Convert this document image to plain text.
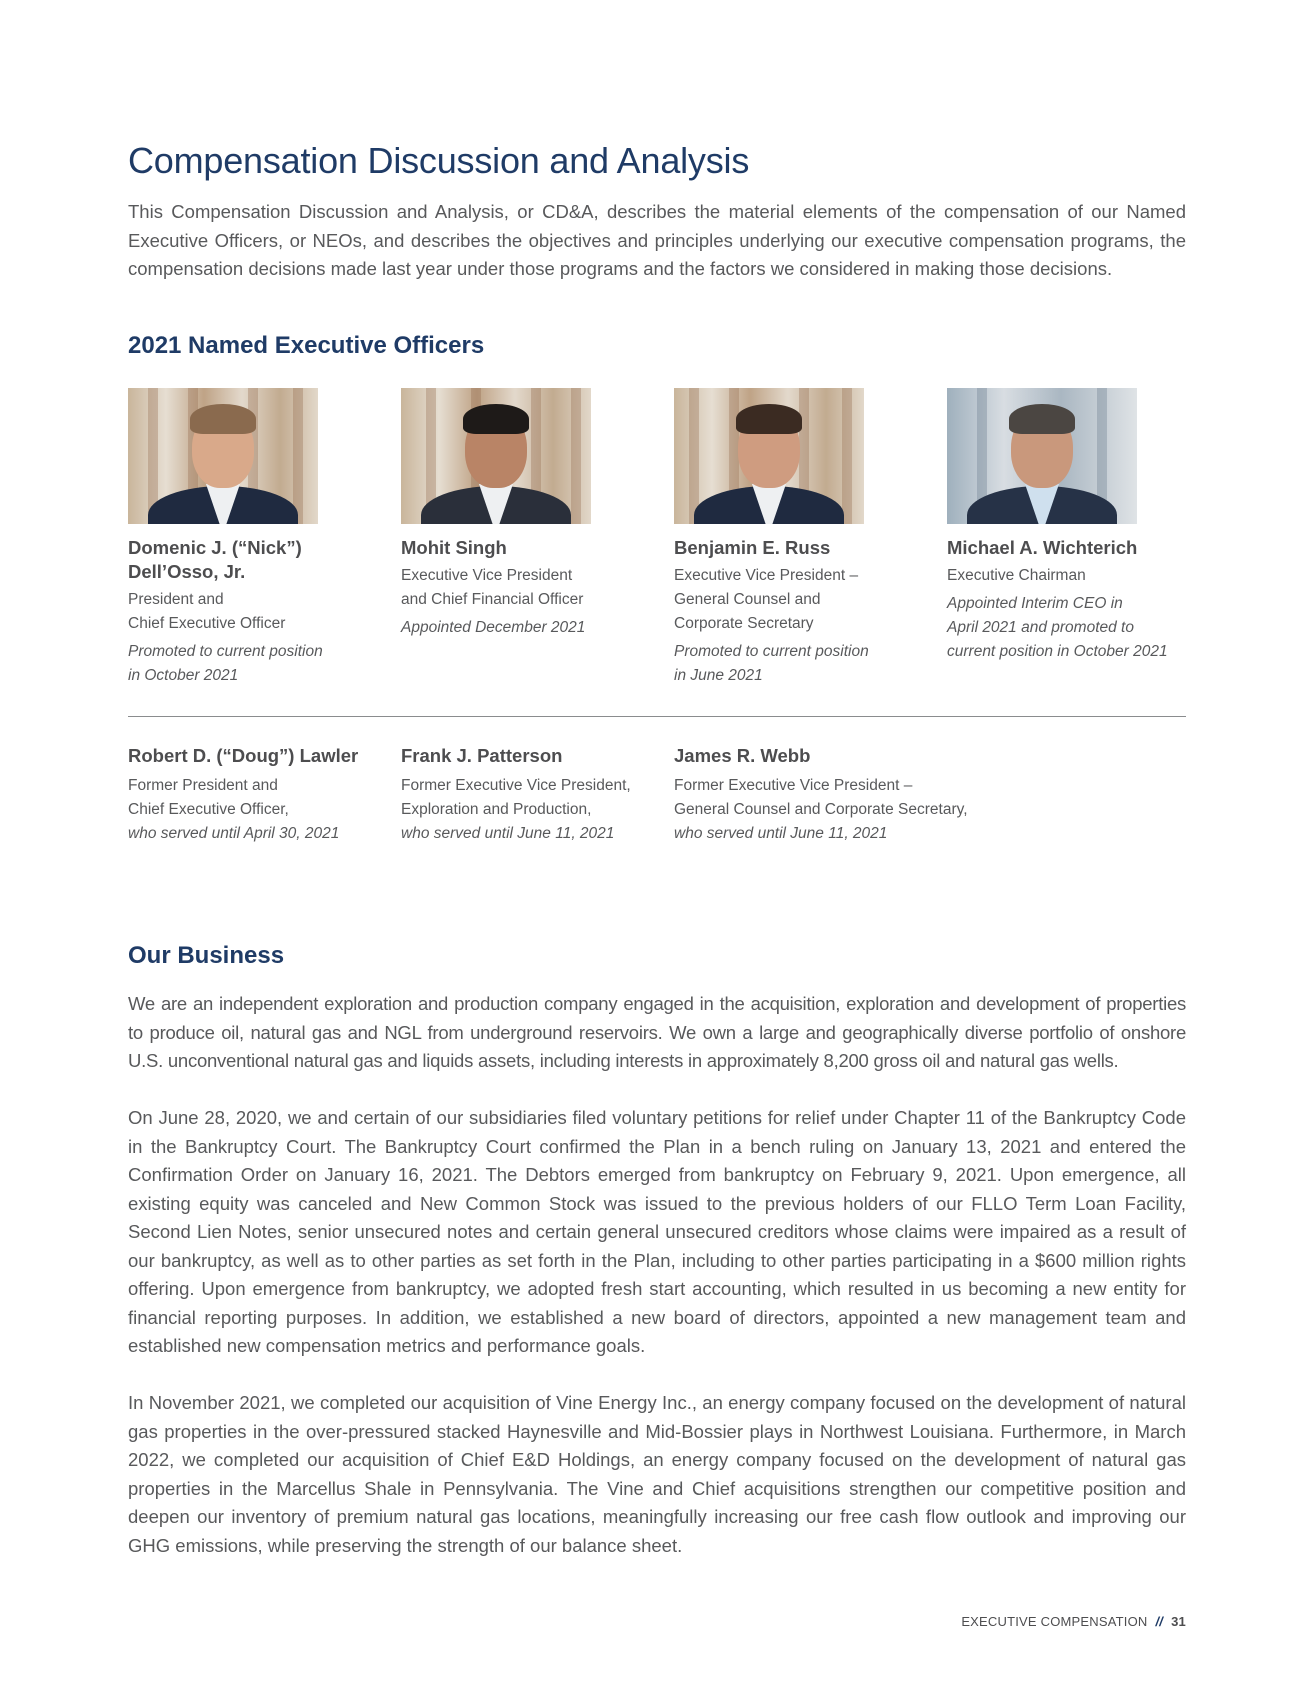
Compensation Discussion and Analysis

This Compensation Discussion and Analysis, or CD&A, describes the material elements of the compensation of our Named Executive Officers, or NEOs, and describes the objectives and principles underlying our executive compensation programs, the compensation decisions made last year under those programs and the factors we considered in making those decisions.

2021 Named Executive Officers
Domenic J. (“Nick”)
Dell’Osso, Jr.
President and
Chief Executive Officer
Promoted to current position
in October 2021
Mohit Singh
Executive Vice President
and Chief Financial Officer
Appointed December 2021
Benjamin E. Russ
Executive Vice President –
General Counsel and
Corporate Secretary
Promoted to current position
in June 2021
Michael A. Wichterich
Executive Chairman
Appointed Interim CEO in
April 2021 and promoted to
current position in October 2021
Robert D. (“Doug”) Lawler
Former President and
Chief Executive Officer,
who served until April 30, 2021
Frank J. Patterson
Former Executive Vice President,
Exploration and Production,
who served until June 11, 2021
James R. Webb
Former Executive Vice President –
General Counsel and Corporate Secretary,
who served until June 11, 2021
Our Business

We are an independent exploration and production company engaged in the acquisition, exploration and development of properties to produce oil, natural gas and NGL from underground reservoirs. We own a large and geographically diverse portfolio of onshore U.S. unconventional natural gas and liquids assets, including interests in approximately 8,200 gross oil and natural gas wells.

On June 28, 2020, we and certain of our subsidiaries filed voluntary petitions for relief under Chapter 11 of the Bankruptcy Code in the Bankruptcy Court. The Bankruptcy Court confirmed the Plan in a bench ruling on January 13, 2021 and entered the Confirmation Order on January 16, 2021. The Debtors emerged from bankruptcy on February 9, 2021. Upon emergence, all existing equity was canceled and New Common Stock was issued to the previous holders of our FLLO Term Loan Facility, Second Lien Notes, senior unsecured notes and certain general unsecured creditors whose claims were impaired as a result of our bankruptcy, as well as to other parties as set forth in the Plan, including to other parties participating in a $600 million rights offering. Upon emergence from bankruptcy, we adopted fresh start accounting, which resulted in us becoming a new entity for financial reporting purposes. In addition, we established a new board of directors, appointed a new management team and established new compensation metrics and performance goals.

In November 2021, we completed our acquisition of Vine Energy Inc., an energy company focused on the development of natural gas properties in the over-pressured stacked Haynesville and Mid-Bossier plays in Northwest Louisiana. Furthermore, in March 2022, we completed our acquisition of Chief E&D Holdings, an energy company focused on the development of natural gas properties in the Marcellus Shale in Pennsylvania. The Vine and Chief acquisitions strengthen our competitive position and deepen our inventory of premium natural gas locations, meaningfully increasing our free cash flow outlook and improving our GHG emissions, while preserving the strength of our balance sheet.

EXECUTIVE COMPENSATION // 31
